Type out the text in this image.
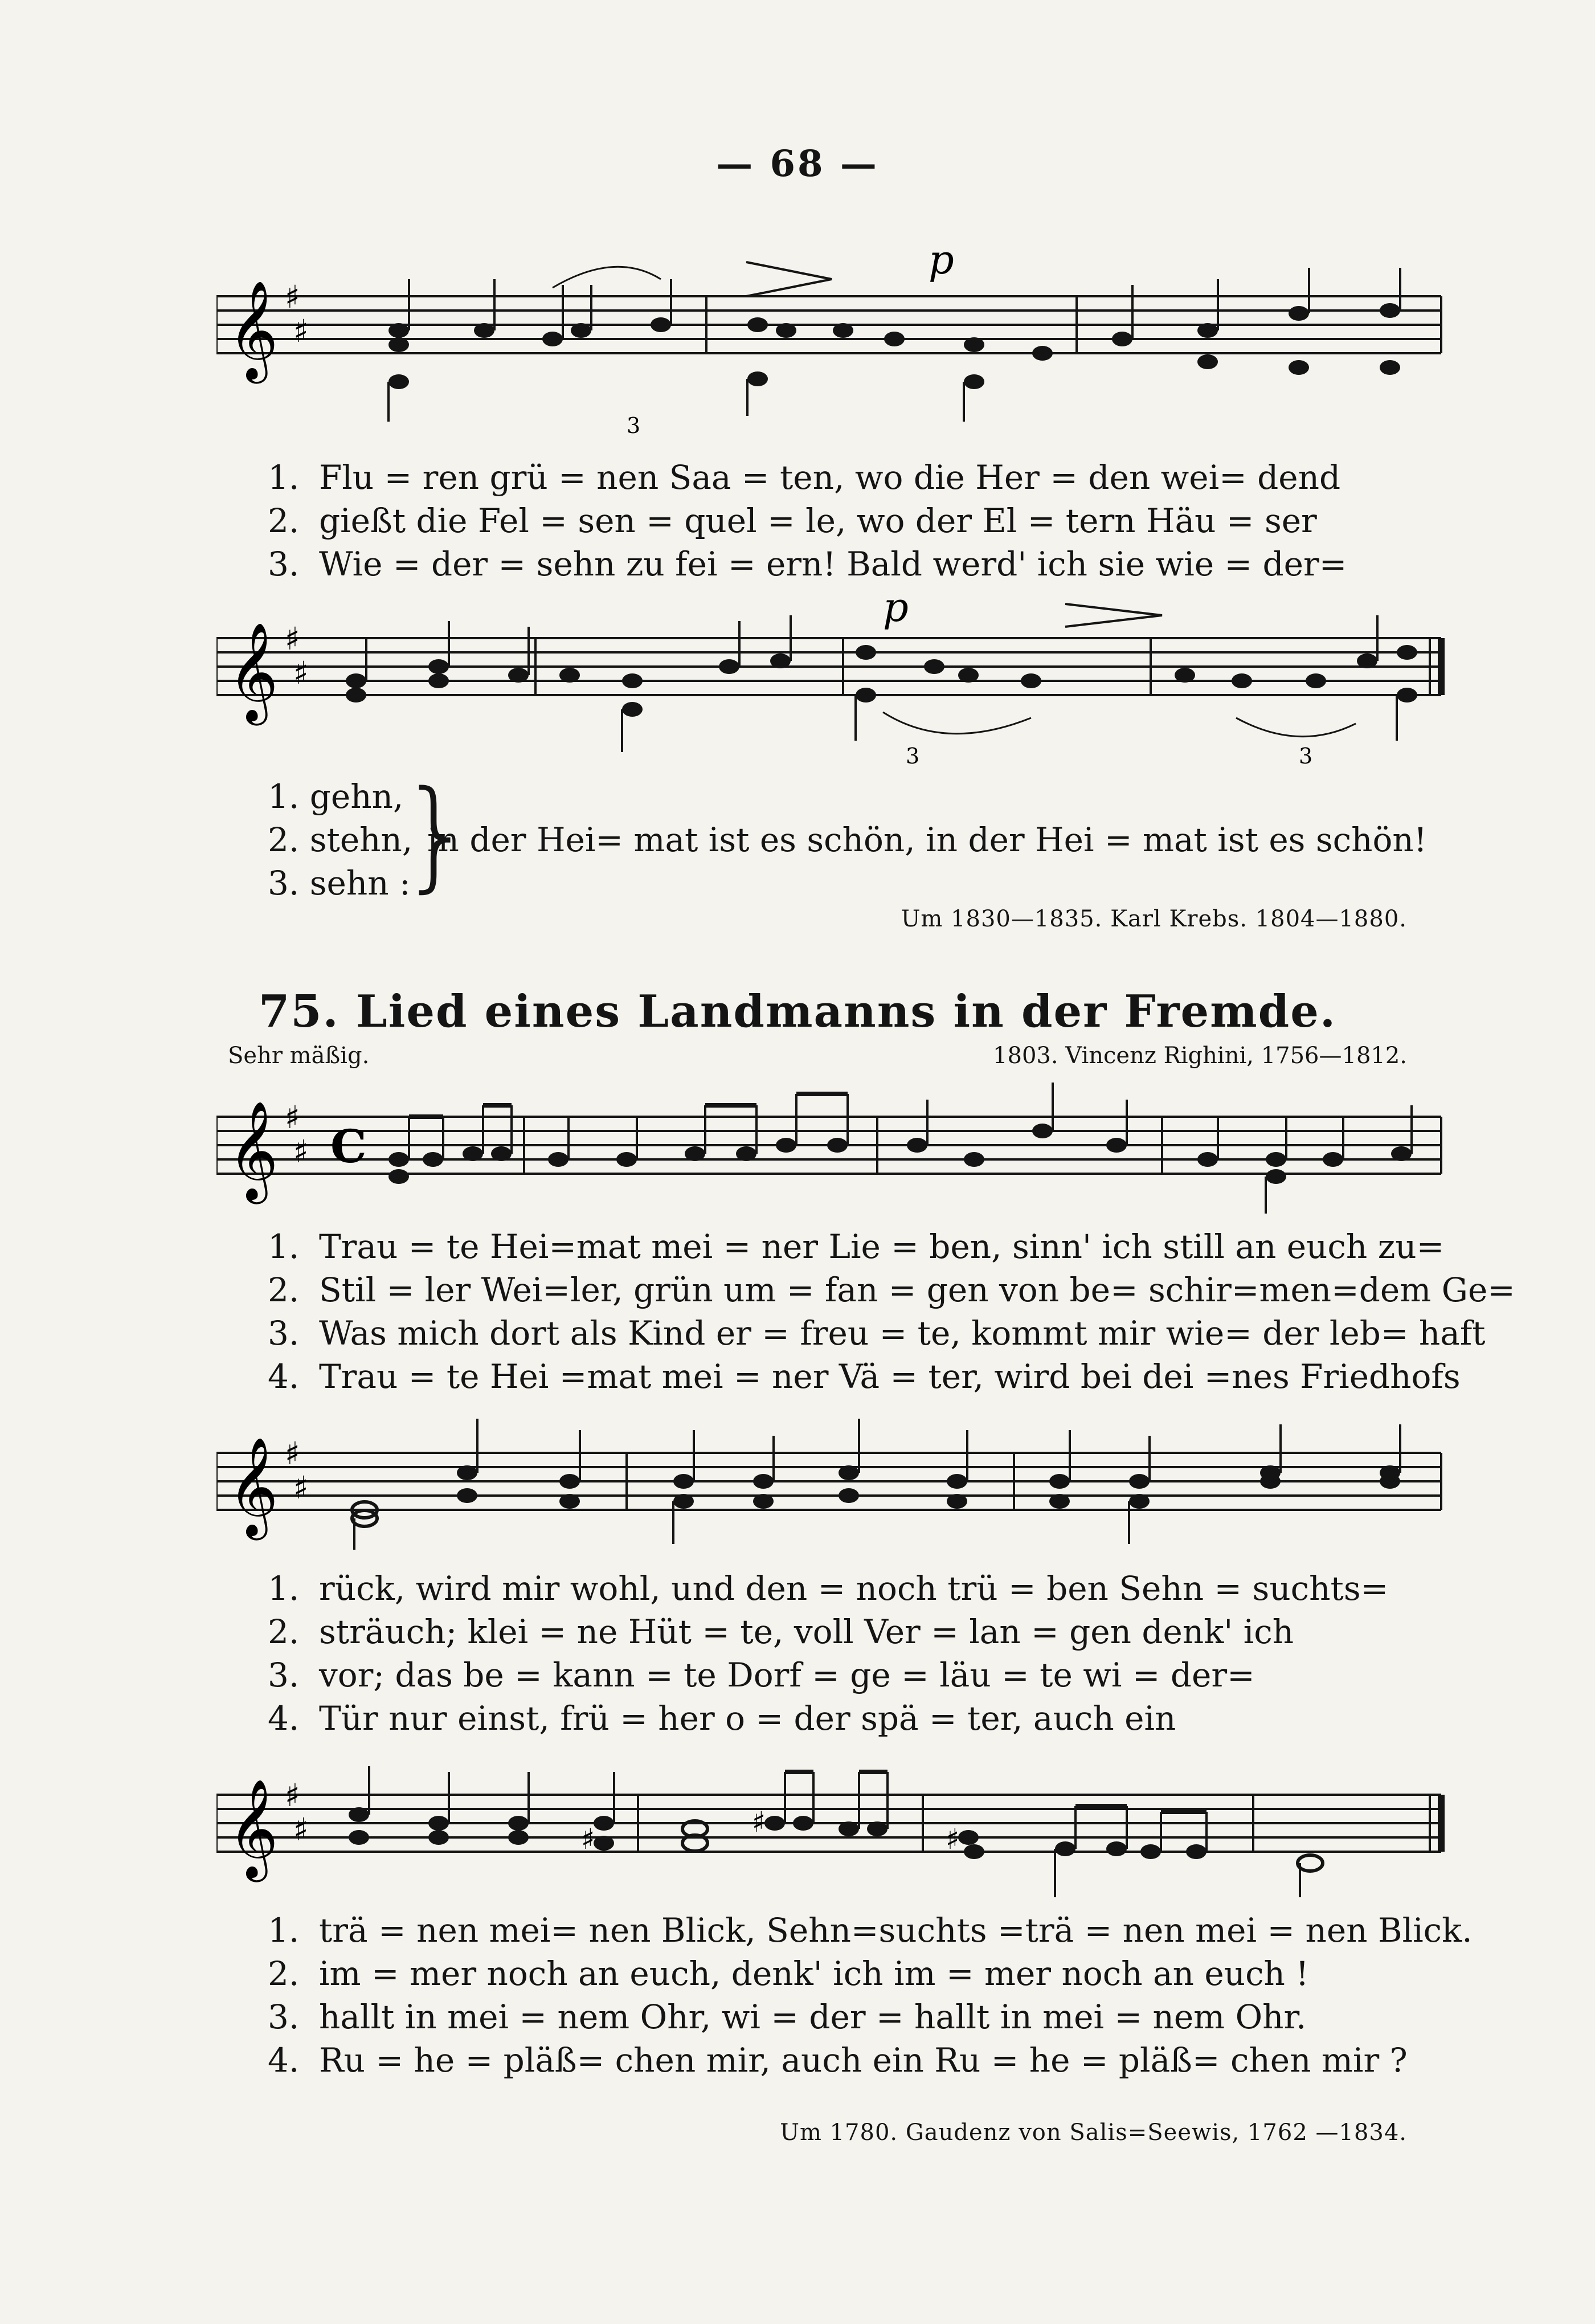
— 68 —
𝄞 ♯
♯
p
3
1. Flu = ren grü = nen Saa = ten, wo die Her = den wei= dend
2. gießt die Fel = sen = quel = le, wo der El = tern Häu = ser
3. Wie = der = sehn zu fei = ern! Bald werd' ich sie wie = der=
𝄞 ♯
♯
p
3	3
1. gehn,
2. stehn,
3. sehn :
}
in der Hei= mat ist es schön, in der Hei = mat ist es schön!
Um 1830—1835. Karl Krebs. 1804—1880.
75. Lied eines Landmanns in der Fremde.
Sehr mäßig.	1803. Vincenz Righini, 1756—1812.
𝄞 ♯
♯ C
1. Trau = te Hei=mat mei = ner Lie = ben, sinn' ich still an euch zu=
2. Stil = ler Wei=ler, grün um = fan = gen von be= schir=men=dem Ge=
3. Was mich dort als Kind er = freu = te, kommt mir wie= der leb= haft
4. Trau = te Hei =mat mei = ner Vä = ter, wird bei dei =nes Friedhofs
𝄞 ♯
♯
1. rück, wird mir wohl, und den = noch trü = ben Sehn = suchts=
2. sträuch; klei = ne Hüt = te, voll Ver = lan = gen denk' ich
3. vor; das be = kann = te Dorf = ge = läu = te wi = der=
4. Tür nur einst, frü = her o = der spä = ter, auch ein
𝄞 ♯
♯	♯
♯
♯
1. trä = nen mei= nen Blick, Sehn=suchts =trä = nen mei = nen Blick.
2. im = mer noch an euch, denk' ich im = mer noch an euch !
3. hallt in mei = nem Ohr, wi = der = hallt in mei = nem Ohr.
4. Ru = he = pläß= chen mir, auch ein Ru = he = pläß= chen mir ?
Um 1780. Gaudenz von Salis=Seewis, 1762 —1834.
